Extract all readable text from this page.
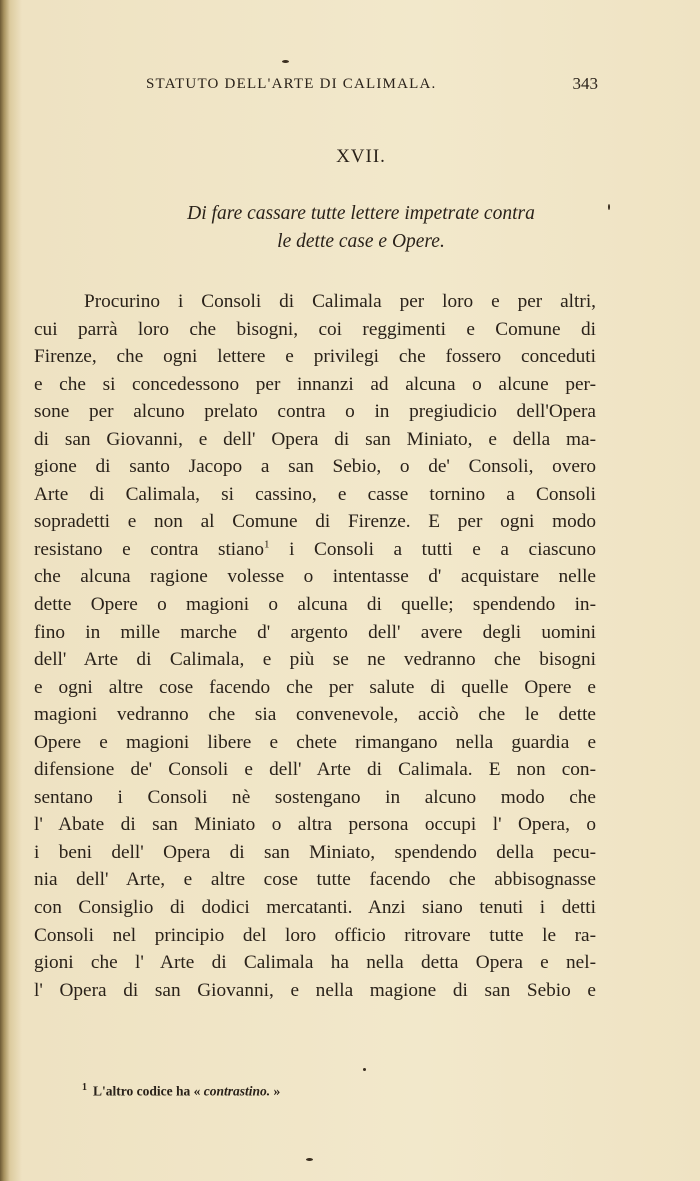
STATUTO DELL'ARTE DI CALIMALA.	343
XVII.
Di fare cassare tutte lettere impetrate contra
le dette case e Opere.
Procurino i Consoli di Calimala per loro e per altri,
cui parrà loro che bisogni, coi reggimenti e Comune di
Firenze, che ogni lettere e privilegi che fossero conceduti
e che si concedessono per innanzi ad alcuna o alcune per-
sone per alcuno prelato contra o in pregiudicio dell'Opera
di san Giovanni, e dell' Opera di san Miniato, e della ma-
gione di santo Jacopo a san Sebio, o de' Consoli, overo
Arte di Calimala, si cassino, e casse tornino a Consoli
sopradetti e non al Comune di Firenze. E per ogni modo
resistano e contra stiano$^1$ i Consoli a tutti e a ciascuno
che alcuna ragione volesse o intentasse d' acquistare nelle
dette Opere o magioni o alcuna di quelle; spendendo in-
fino in mille marche d' argento dell' avere degli uomini
dell' Arte di Calimala, e più se ne vedranno che bisogni
e ogni altre cose facendo che per salute di quelle Opere e
magioni vedranno che sia convenevole, acciò che le dette
Opere e magioni libere e chete rimangano nella guardia e
difensione de' Consoli e dell' Arte di Calimala. E non con-
sentano i Consoli nè sostengano in alcuno modo che
l' Abate di san Miniato o altra persona occupi l' Opera, o
i beni dell' Opera di san Miniato, spendendo della pecu-
nia dell' Arte, e altre cose tutte facendo che abbisognasse
con Consiglio di dodici mercatanti. Anzi siano tenuti i detti
Consoli nel principio del loro officio ritrovare tutte le ra-
gioni che l' Arte di Calimala ha nella detta Opera e nel-
l' Opera di san Giovanni, e nella magione di san Sebio e
$^1$ L'altro codice ha « contrastino. »
